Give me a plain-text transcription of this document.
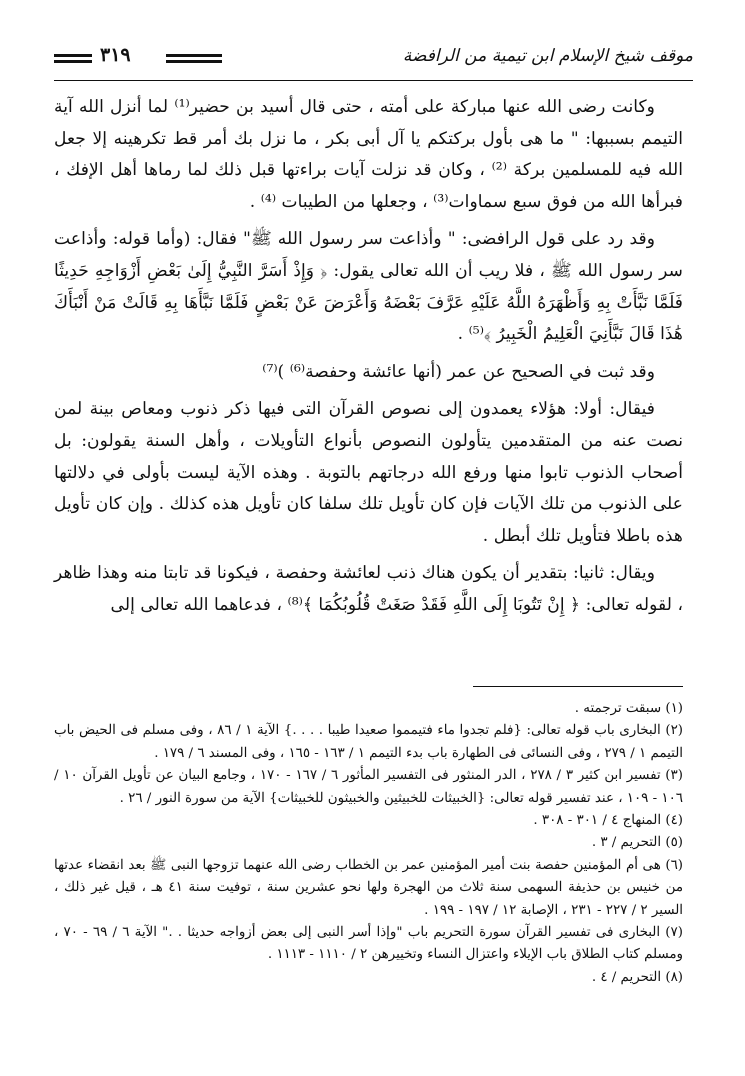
٣١٩	موقف شيخ الإسلام ابن تيمية من الرافضة

وكانت رضى الله عنها مباركة على أمته ، حتى قال أسيد بن حضير⁽¹⁾ لما أنزل الله آية التيمم بسببها: " ما هى بأول بركتكم يا آل أبى بكر ، ما نزل بك أمر قط تكرهينه إلا جعل الله فيه للمسلمين بركة ⁽²⁾ ، وكان قد نزلت آيات براءتها قبل ذلك لما رماها أهل الإفك ، فبرأها الله من فوق سبع سماوات⁽³⁾ ، وجعلها من الطيبات ⁽⁴⁾ .

وقد رد على قول الرافضى: " وأذاعت سر رسول الله ﷺ" فقال: (وأما قوله: وأذاعت سر رسول الله ﷺ ، فلا ريب أن الله تعالى يقول: ﴿ وَإِذْ أَسَرَّ النَّبِيُّ إِلَىٰ بَعْضِ أَزْوَاجِهِ حَدِيثًا فَلَمَّا نَبَّأَتْ بِهِ وَأَظْهَرَهُ اللَّهُ عَلَيْهِ عَرَّفَ بَعْضَهُ وَأَعْرَضَ عَنْ بَعْضٍ فَلَمَّا نَبَّأَهَا بِهِ قَالَتْ مَنْ أَنْبَأَكَ هَٰذَا قَالَ نَبَّأَنِيَ الْعَلِيمُ الْخَبِيرُ ﴾⁽⁵⁾ .

وقد ثبت في الصحيح عن عمر (أنها عائشة وحفصة⁽⁶⁾ )⁽⁷⁾

فيقال: أولا: هؤلاء يعمدون إلى نصوص القرآن التى فيها ذكر ذنوب ومعاص بينة لمن نصت عنه من المتقدمين يتأولون النصوص بأنواع التأويلات ، وأهل السنة يقولون: بل أصحاب الذنوب تابوا منها ورفع الله درجاتهم بالتوبة . وهذه الآية ليست بأولى في دلالتها على الذنوب من تلك الآيات فإن كان تأويل تلك سلفا كان تأويل هذه كذلك . وإن كان تأويل هذه باطلا فتأويل تلك أبطل .

ويقال: ثانيا: بتقدير أن يكون هناك ذنب لعائشة وحفصة ، فيكونا قد تابتا منه وهذا ظاهر ، لقوله تعالى: ﴿ إِنْ تَتُوبَا إِلَى اللَّهِ فَقَدْ صَغَتْ قُلُوبُكُمَا ﴾⁽⁸⁾ ، فدعاهما الله تعالى إلى

(١) سبقت ترجمته .

(٢) البخارى باب قوله تعالى: {فلم تجدوا ماء فتيمموا صعيدا طيبا . . . .} الآية ١ / ٨٦ ، وفى مسلم فى الحيض باب التيمم ١ / ٢٧٩ ، وفى النسائى فى الطهارة باب بدء التيمم ١ / ١٦٣ - ١٦٥ ، وفى المسند ٦ / ١٧٩ .

(٣) تفسير ابن كثير ٣ / ٢٧٨ ، الدر المنثور فى التفسير المأثور ٦ / ١٦٧ - ١٧٠ ، وجامع البيان عن تأويل القرآن ١٠ / ١٠٦ - ١٠٩ ، عند تفسير قوله تعالى: {الخبيثات للخبيثين والخبيثون للخبيثات} الآية من سورة النور / ٢٦ .

(٤) المنهاج ٤ / ٣٠١ - ٣٠٨ .

(٥) التحريم / ٣ .

(٦) هى أم المؤمنين حفصة بنت أمير المؤمنين عمر بن الخطاب رضى الله عنهما تزوجها النبى ﷺ بعد انقضاء عدتها من خنيس بن حذيفة السهمى سنة ثلاث من الهجرة ولها نحو عشرين سنة ، توفيت سنة ٤١ هـ ، قيل غير ذلك ، السير ٢ / ٢٢٧ - ٢٣١ ، الإصابة ١٢ / ١٩٧ - ١٩٩ .

(٧) البخارى فى تفسير القرآن سورة التحريم باب "وإذا أسر النبى إلى بعض أزواجه حديثا . ." الآية ٦ / ٦٩ - ٧٠ ، ومسلم كتاب الطلاق باب الإيلاء واعتزال النساء وتخييرهن ٢ / ١١١٠ - ١١١٣ .

(٨) التحريم / ٤ .
